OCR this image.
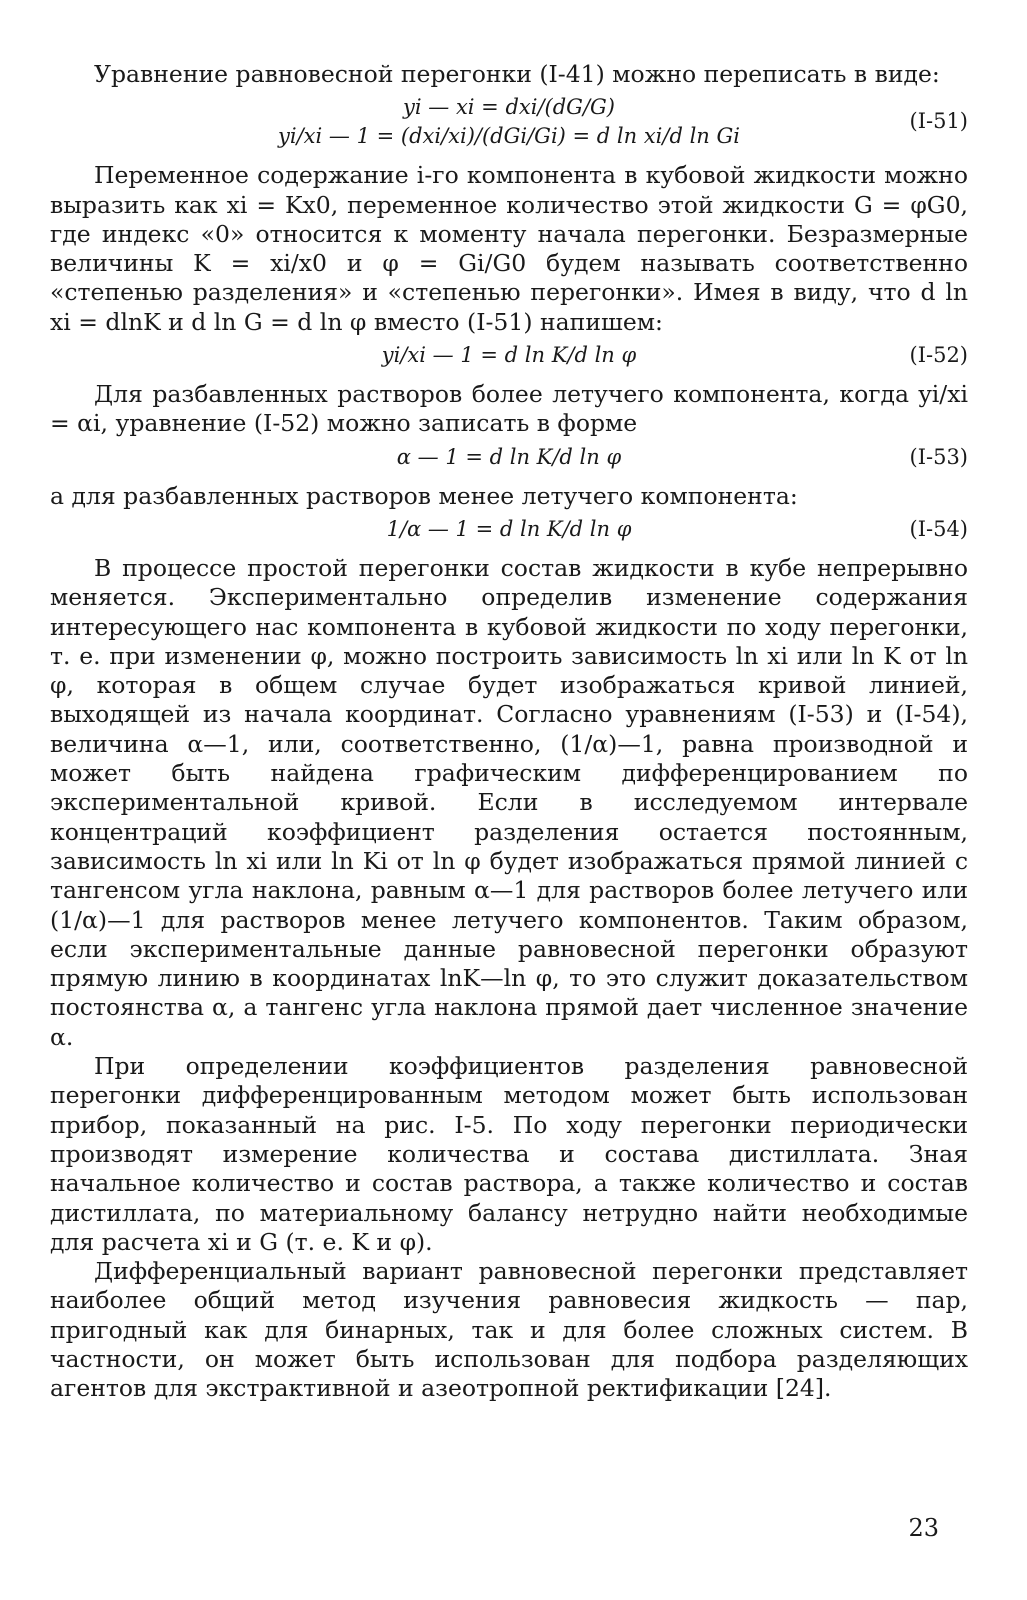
Уравнение равновесной перегонки (I-41) можно переписать в виде:

yi — xi = dxi/(dG/G)
yi/xi — 1 = (dxi/xi)/(dGi/Gi) = d ln xi/d ln Gi
(I-51)

Переменное содержание i-го компонента в кубовой жидкости можно выразить как xi = Kx0, переменное количество этой жидкости G = φG0, где индекс «0» относится к моменту начала перегонки. Безразмерные величины K = xi/x0 и φ = Gi/G0 будем называть соответственно «степенью разделения» и «степенью перегонки». Имея в виду, что d ln xi = dlnK и d ln G = d ln φ вместо (I-51) напишем:

yi/xi — 1 = d ln K/d ln φ	(I-52)

Для разбавленных растворов более летучего компонента, когда yi/xi = αi, уравнение (I-52) можно записать в форме

α — 1 = d ln K/d ln φ	(I-53)

а для разбавленных растворов менее летучего компонента:

1/α — 1 = d ln K/d ln φ	(I-54)

В процессе простой перегонки состав жидкости в кубе непрерывно меняется. Экспериментально определив изменение содержания интересующего нас компонента в кубовой жидкости по ходу перегонки, т. е. при изменении φ, можно построить зависимость ln xi или ln K от ln φ, которая в общем случае будет изображаться кривой линией, выходящей из начала координат. Согласно уравнениям (I-53) и (I-54), величина α—1, или, соответственно, (1/α)—1, равна производной и может быть найдена графическим дифференцированием по экспериментальной кривой. Если в исследуемом интервале концентраций коэффициент разделения остается постоянным, зависимость ln xi или ln Ki от ln φ будет изображаться прямой линией с тангенсом угла наклона, равным α—1 для растворов более летучего или (1/α)—1 для растворов менее летучего компонентов. Таким образом, если экспериментальные данные равновесной перегонки образуют прямую линию в координатах lnK—ln φ, то это служит доказательством постоянства α, а тангенс угла наклона прямой дает численное значение α.

При определении коэффициентов разделения равновесной перегонки дифференцированным методом может быть использован прибор, показанный на рис. I-5. По ходу перегонки периодически производят измерение количества и состава дистиллата. Зная начальное количество и состав раствора, а также количество и состав дистиллата, по материальному балансу нетрудно найти необходимые для расчета xi и G (т. е. K и φ).

Дифференциальный вариант равновесной перегонки представляет наиболее общий метод изучения равновесия жидкость — пар, пригодный как для бинарных, так и для более сложных систем. В частности, он может быть использован для подбора разделяющих агентов для экстрактивной и азеотропной ректификации [24].

23
